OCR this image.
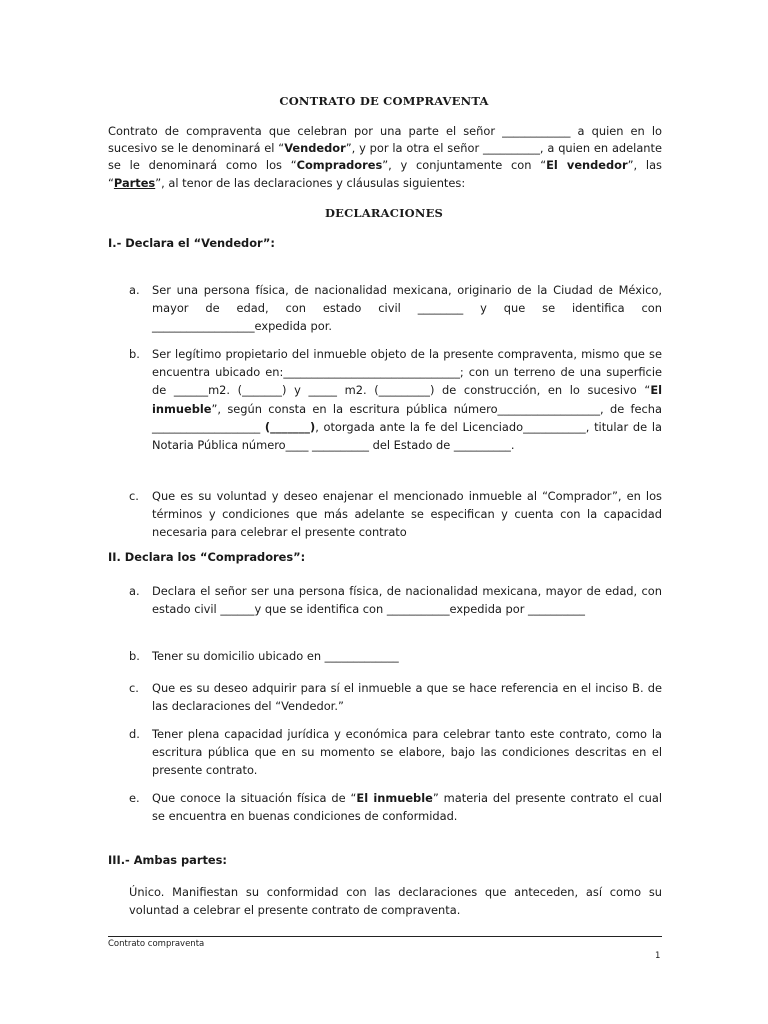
CONTRATO DE COMPRAVENTA
Contrato de compraventa que celebran por una parte el señor ____________ a quien en lo sucesivo se le denominará el “Vendedor”, y por la otra el señor __________, a quien en adelante se le denominará como los “Compradores”, y conjuntamente con “El vendedor”, las “Partes”, al tenor de las declaraciones y cláusulas siguientes:
DECLARACIONES
I.- Declara el “Vendedor”:
a. Ser una persona física, de nacionalidad mexicana, originario de la Ciudad de México, mayor de edad, con estado civil ________ y que se identifica con __________________expedida por.
b. Ser legítimo propietario del inmueble objeto de la presente compraventa, mismo que se encuentra ubicado en:_______________________________; con un terreno de una superficie de ______m2. (_______) y _____ m2. (_________) de construcción, en lo sucesivo “El inmueble”, según consta en la escritura pública número__________________, de fecha ___________________ (_______), otorgada ante la fe del Licenciado___________, titular de la Notaria Pública número____ __________ del Estado de __________.
c. Que es su voluntad y deseo enajenar el mencionado inmueble al “Comprador”, en los términos y condiciones que más adelante se especifican y cuenta con la capacidad necesaria para celebrar el presente contrato
II. Declara los “Compradores”:
a. Declara el señor ser una persona física, de nacionalidad mexicana, mayor de edad, con estado civil ______y que se identifica con ___________expedida por __________
b. Tener su domicilio ubicado en _____________
c. Que es su deseo adquirir para sí el inmueble a que se hace referencia en el inciso B. de las declaraciones del “Vendedor.”
d. Tener plena capacidad jurídica y económica para celebrar tanto este contrato, como la escritura pública que en su momento se elabore, bajo las condiciones descritas en el presente contrato.
e. Que conoce la situación física de “El inmueble” materia del presente contrato el cual se encuentra en buenas condiciones de conformidad.
III.- Ambas partes:
Único. Manifiestan su conformidad con las declaraciones que anteceden, así como su voluntad a celebrar el presente contrato de compraventa.
Contrato compraventa
1
